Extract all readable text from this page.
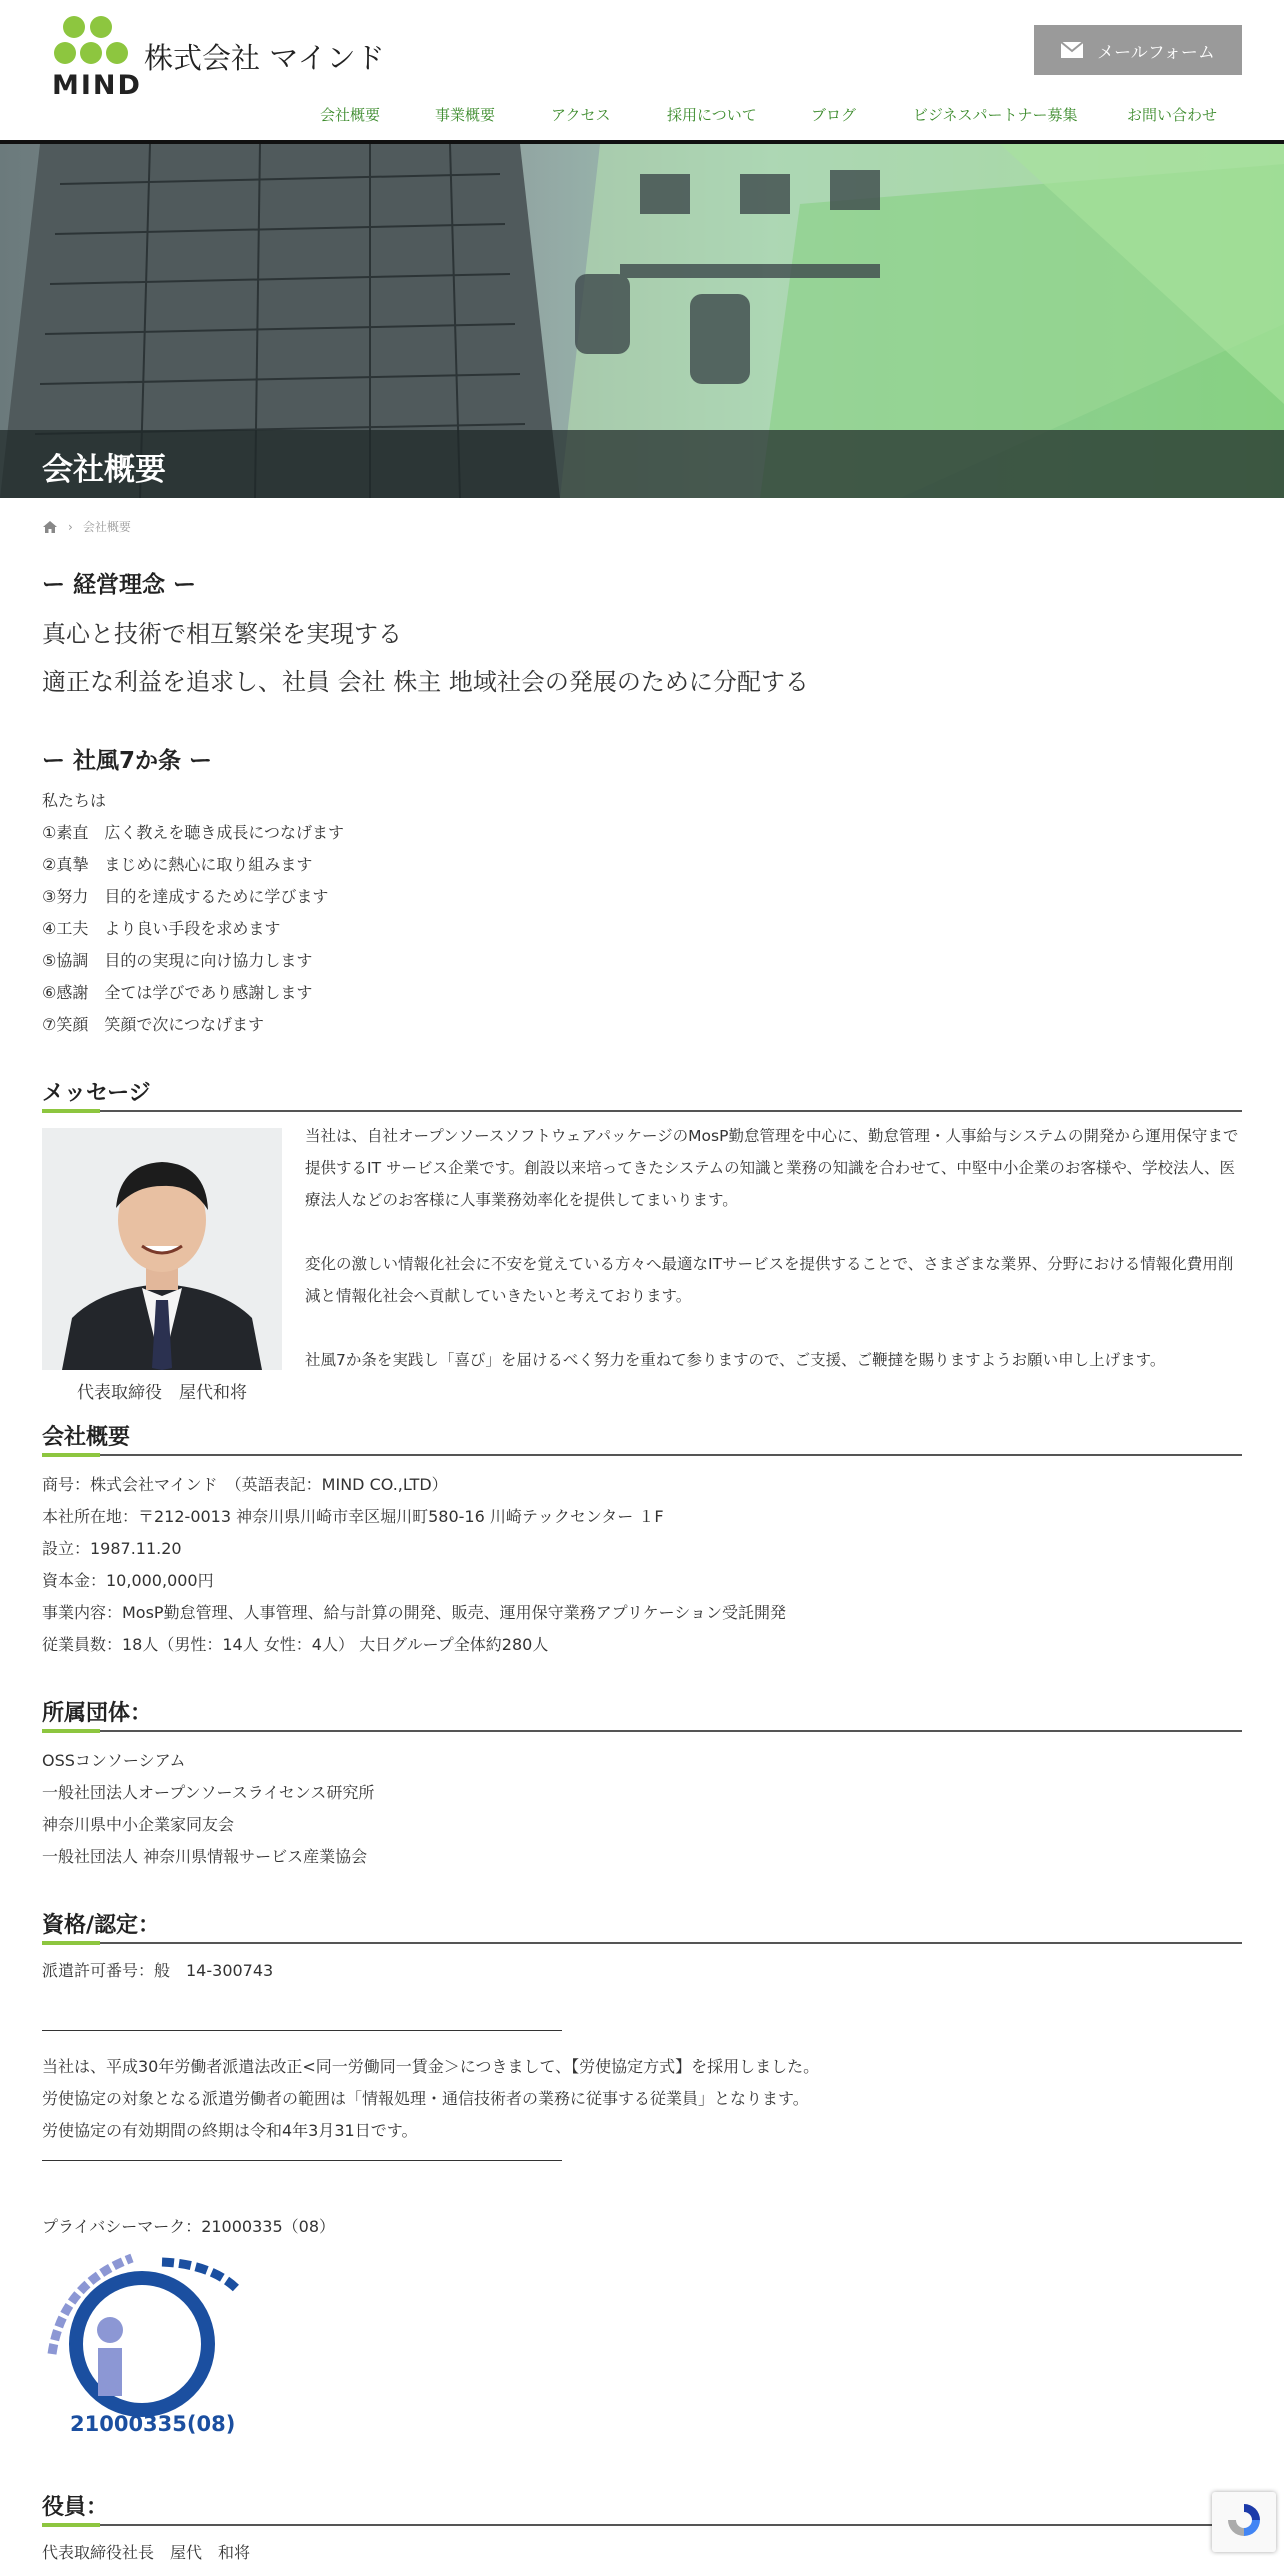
MIND
株式会社 マインド	メールフォーム
会社概要	事業概要	アクセス	採用について	ブログ	ビジネスパートナー募集	お問い合わせ
会社概要
› 会社概要
ー 経営理念 ー
真心と技術で相互繁栄を実現する
適正な利益を追求し、社員 会社 株主 地域社会の発展のために分配する
ー 社風7か条 ー
私たちは
①素直　広く教えを聴き成長につなげます
②真摯　まじめに熱心に取り組みます
③努力　目的を達成するために学びます
④工夫　より良い手段を求めます
⑤協調　目的の実現に向け協力します
⑥感謝　全ては学びであり感謝します
⑦笑顔　笑顔で次につなげます
メッセージ
代表取締役　屋代和将
当社は、自社オープンソースソフトウェアパッケージのMosP勤怠管理を中心に、勤怠管理・人事給与システムの開発から運用保守まで提供するIT サービス企業です。創設以来培ってきたシステムの知識と業務の知識を合わせて、中堅中小企業のお客様や、学校法人、医療法人などのお客様に人事業務効率化を提供してまいります。
変化の激しい情報化社会に不安を覚えている方々へ最適なITサービスを提供することで、さまざまな業界、分野における情報化費用削減と情報化社会へ貢献していきたいと考えております。
社風7か条を実践し「喜び」を届けるべく努力を重ねて参りますので、ご支援、ご鞭撻を賜りますようお願い申し上げます。
会社概要
商号：株式会社マインド　（英語表記：MIND CO.,LTD）
本社所在地：〒212-0013 神奈川県川崎市幸区堀川町580-16 川崎テックセンター １F
設立：1987.11.20
資本金：10,000,000円
事業内容：MosP勤怠管理、人事管理、給与計算の開発、販売、運用保守業務アプリケーション受託開発
従業員数：18人（男性：14人 女性：4人） 大日グループ全体約280人
所属団体：
OSSコンソーシアム
一般社団法人オープンソースライセンス研究所
神奈川県中小企業家同友会
一般社団法人 神奈川県情報サービス産業協会
資格/認定：
派遣許可番号：般　14-300743
当社は、平成30年労働者派遣法改正<同一労働同一賃金＞につきまして、【労使協定方式】を採用しました。
労使協定の対象となる派遣労働者の範囲は「情報処理・通信技術者の業務に従事する従業員」となります。
労使協定の有効期間の終期は令和4年3月31日です。
プライバシーマーク：21000335（08）
21000335(08)
役員：
代表取締役社長　屋代　和将
